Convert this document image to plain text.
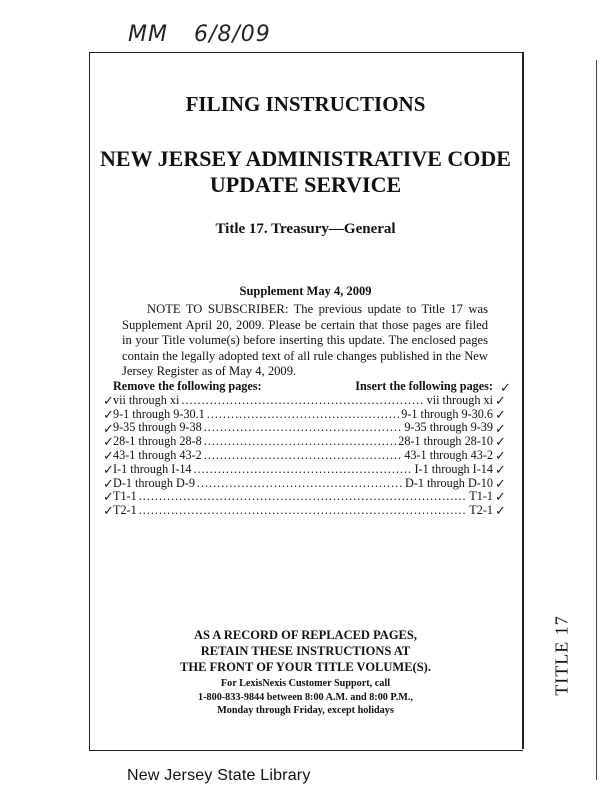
MM 6/8/09
TITLE 17
FILING INSTRUCTIONS
NEW JERSEY ADMINISTRATIVE CODE
UPDATE SERVICE
Title 17. Treasury—General
Supplement May 4, 2009
NOTE TO SUBSCRIBER: The previous update to Title 17 was Supplement April 20, 2009. Please be certain that those pages are filed in your Title volume(s) before inserting this update. The enclosed pages contain the legally adopted text of all rule changes published in the New Jersey Register as of May 4, 2009.
Remove the following pages:	Insert the following pages:
vii through xi .....	vii through xi
9-1 through 9-30.1 .....	9-1 through 9-30.6
9-35 through 9-38 .....	9-35 through 9-39
28-1 through 28-8 .....	28-1 through 28-10
43-1 through 43-2 .....	43-1 through 43-2
I-1 through I-14 .....	I-1 through I-14
D-1 through D-9 .....	D-1 through D-10
T1-1 .....	T1-1
T2-1 .....	T2-1
✓
✓
✓
✓
✓
✓
✓
✓
✓
✓
✓
✓
✓
✓
✓
✓
✓
✓
✓
AS A RECORD OF REPLACED PAGES,
RETAIN THESE INSTRUCTIONS AT
THE FRONT OF YOUR TITLE VOLUME(S).
For LexisNexis Customer Support, call
1-800-833-9844 between 8:00 A.M. and 8:00 P.M.,
Monday through Friday, except holidays
New Jersey State Library
